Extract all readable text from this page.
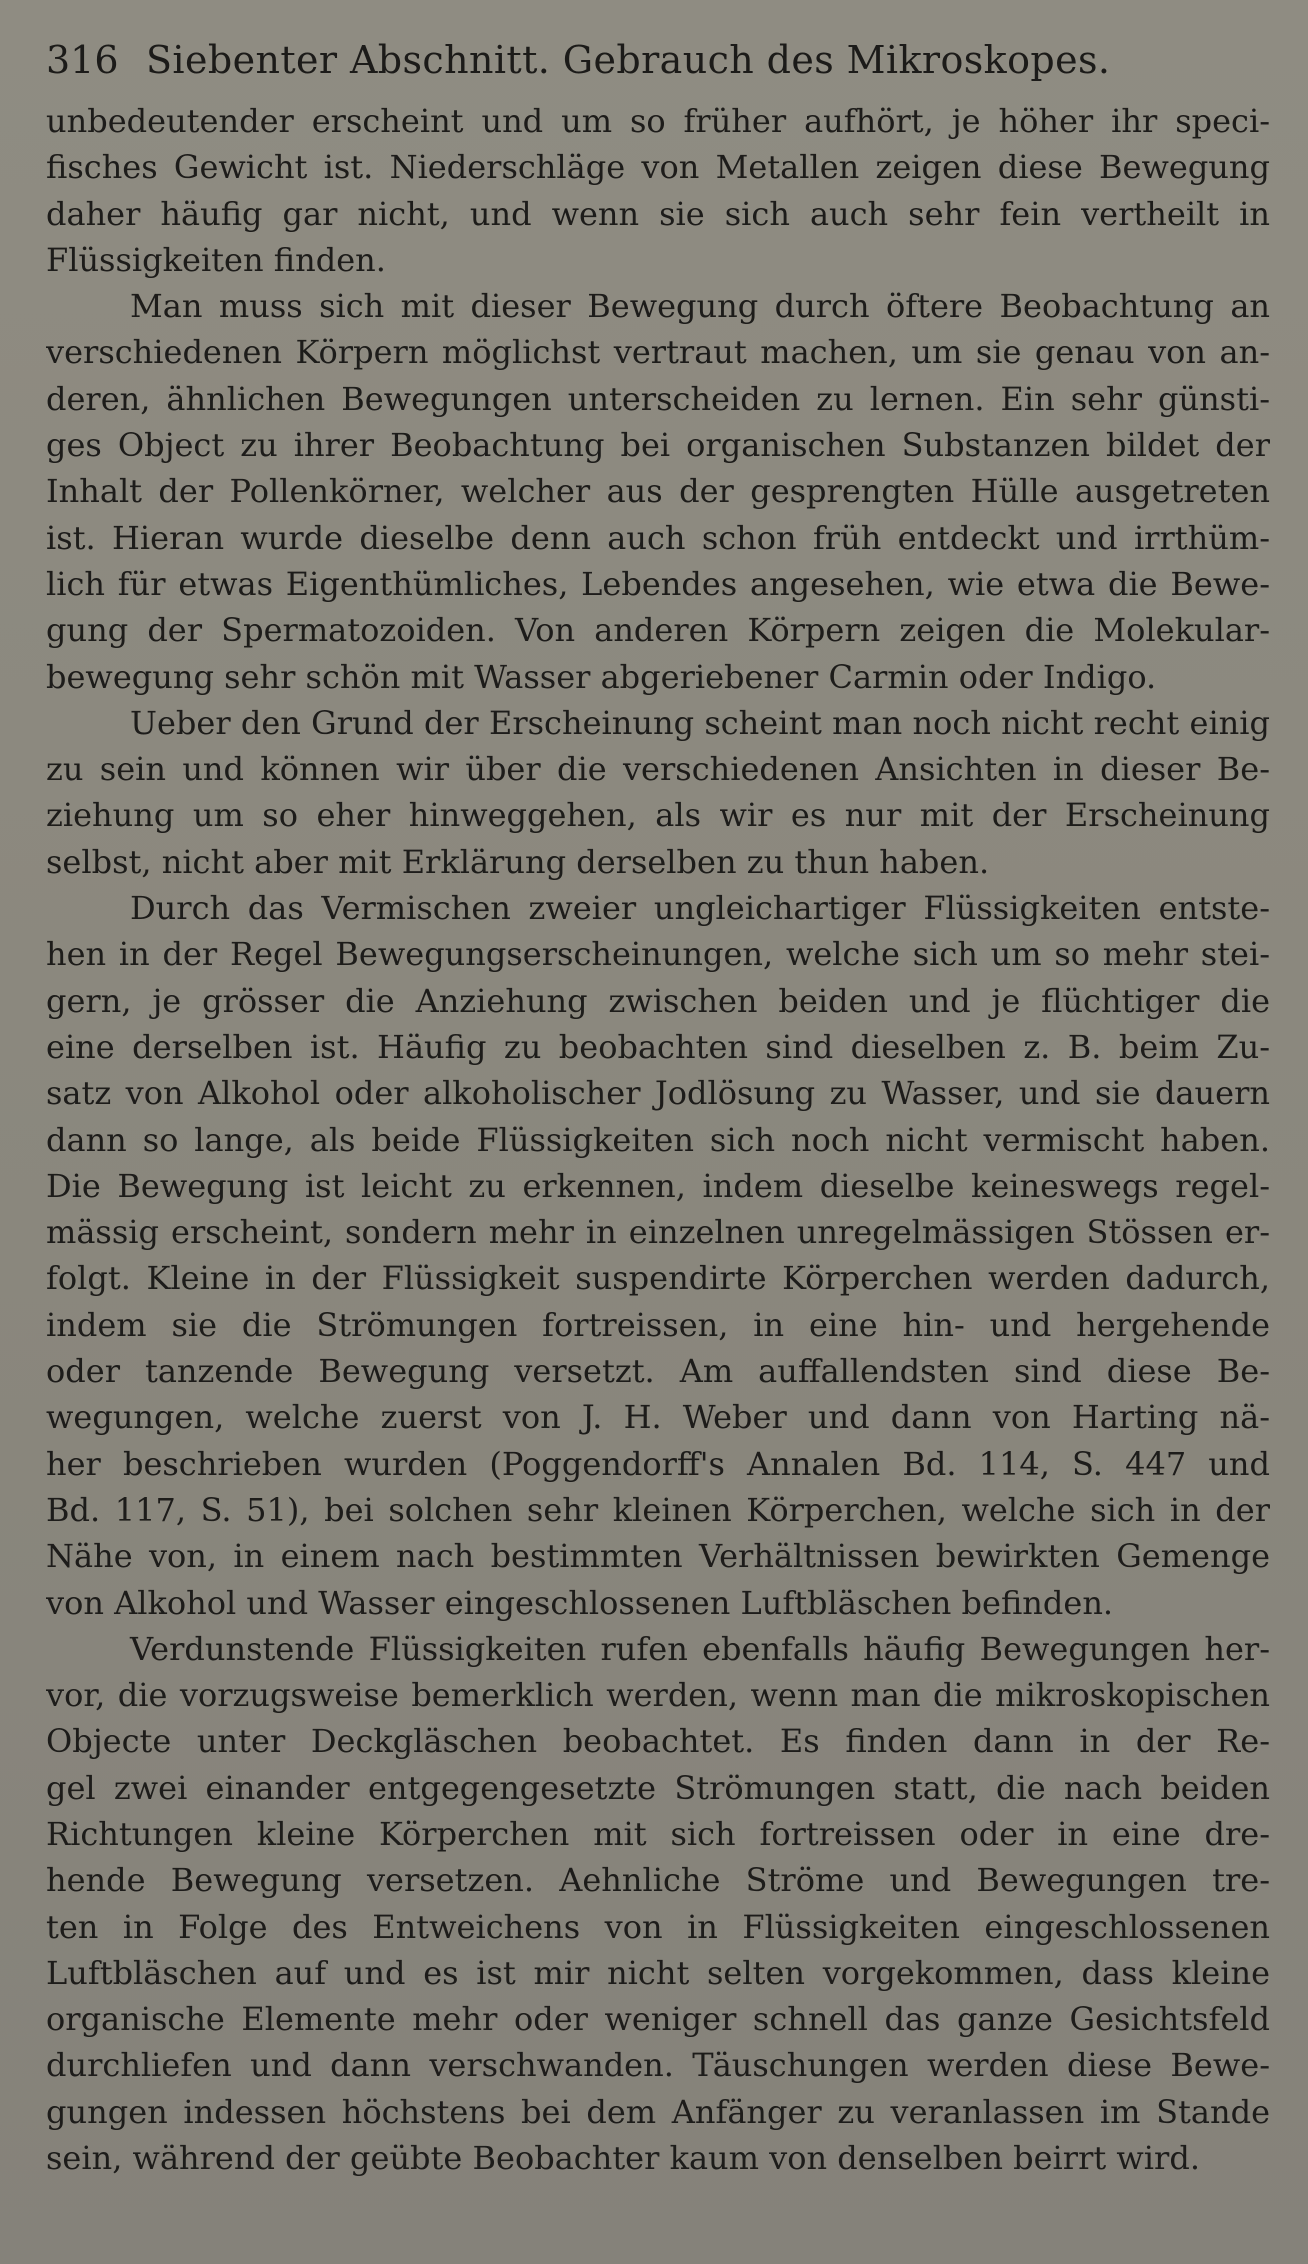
316 Siebenter Abschnitt. Gebrauch des Mikroskopes.
unbedeutender erscheint und um so früher aufhört, je höher ihr speci-
fisches Gewicht ist. Niederschläge von Metallen zeigen diese Bewegung
daher häufig gar nicht, und wenn sie sich auch sehr fein vertheilt in
Flüssigkeiten finden.
Man muss sich mit dieser Bewegung durch öftere Beobachtung an
verschiedenen Körpern möglichst vertraut machen, um sie genau von an-
deren, ähnlichen Bewegungen unterscheiden zu lernen. Ein sehr günsti-
ges Object zu ihrer Beobachtung bei organischen Substanzen bildet der
Inhalt der Pollenkörner, welcher aus der gesprengten Hülle ausgetreten
ist. Hieran wurde dieselbe denn auch schon früh entdeckt und irrthüm-
lich für etwas Eigenthümliches, Lebendes angesehen, wie etwa die Bewe-
gung der Spermatozoiden. Von anderen Körpern zeigen die Molekular-
bewegung sehr schön mit Wasser abgeriebener Carmin oder Indigo.
Ueber den Grund der Erscheinung scheint man noch nicht recht einig
zu sein und können wir über die verschiedenen Ansichten in dieser Be-
ziehung um so eher hinweggehen, als wir es nur mit der Erscheinung
selbst, nicht aber mit Erklärung derselben zu thun haben.
Durch das Vermischen zweier ungleichartiger Flüssigkeiten entste-
hen in der Regel Bewegungserscheinungen, welche sich um so mehr stei-
gern, je grösser die Anziehung zwischen beiden und je flüchtiger die
eine derselben ist. Häufig zu beobachten sind dieselben z. B. beim Zu-
satz von Alkohol oder alkoholischer Jodlösung zu Wasser, und sie dauern
dann so lange, als beide Flüssigkeiten sich noch nicht vermischt haben.
Die Bewegung ist leicht zu erkennen, indem dieselbe keineswegs regel-
mässig erscheint, sondern mehr in einzelnen unregelmässigen Stössen er-
folgt. Kleine in der Flüssigkeit suspendirte Körperchen werden dadurch,
indem sie die Strömungen fortreissen, in eine hin- und hergehende
oder tanzende Bewegung versetzt. Am auffallendsten sind diese Be-
wegungen, welche zuerst von J. H. Weber und dann von Harting nä-
her beschrieben wurden (Poggendorff's Annalen Bd. 114, S. 447 und
Bd. 117, S. 51), bei solchen sehr kleinen Körperchen, welche sich in der
Nähe von, in einem nach bestimmten Verhältnissen bewirkten Gemenge
von Alkohol und Wasser eingeschlossenen Luftbläschen befinden.
Verdunstende Flüssigkeiten rufen ebenfalls häufig Bewegungen her-
vor, die vorzugsweise bemerklich werden, wenn man die mikroskopischen
Objecte unter Deckgläschen beobachtet. Es finden dann in der Re-
gel zwei einander entgegengesetzte Strömungen statt, die nach beiden
Richtungen kleine Körperchen mit sich fortreissen oder in eine dre-
hende Bewegung versetzen. Aehnliche Ströme und Bewegungen tre-
ten in Folge des Entweichens von in Flüssigkeiten eingeschlossenen
Luftbläschen auf und es ist mir nicht selten vorgekommen, dass kleine
organische Elemente mehr oder weniger schnell das ganze Gesichtsfeld
durchliefen und dann verschwanden. Täuschungen werden diese Bewe-
gungen indessen höchstens bei dem Anfänger zu veranlassen im Stande
sein, während der geübte Beobachter kaum von denselben beirrt wird.
